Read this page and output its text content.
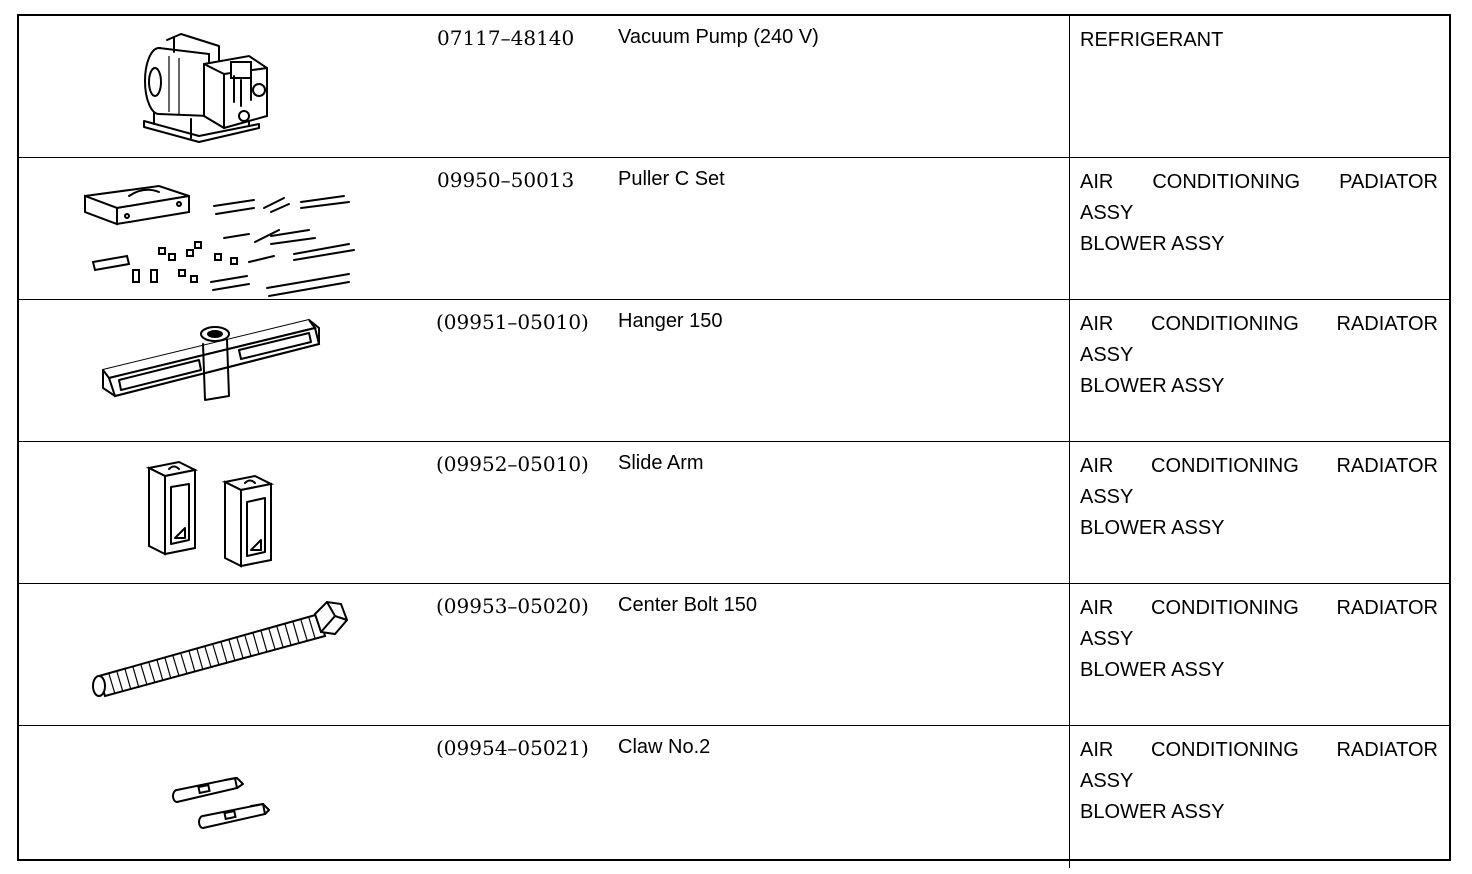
07117–48140 Vacuum Pump (240 V)	REFRIGERANT
09950–50013 Puller C Set	AIR CONDITIONING PADIATOR
ASSY
BLOWER ASSY
(09951–05010) Hanger 150	AIR CONDITIONING RADIATOR
ASSY
BLOWER ASSY
(09952–05010) Slide Arm	AIR CONDITIONING RADIATOR
ASSY
BLOWER ASSY
(09953–05020) Center Bolt 150	AIR CONDITIONING RADIATOR
ASSY
BLOWER ASSY
(09954–05021) Claw No.2	AIR CONDITIONING RADIATOR
ASSY
BLOWER ASSY
